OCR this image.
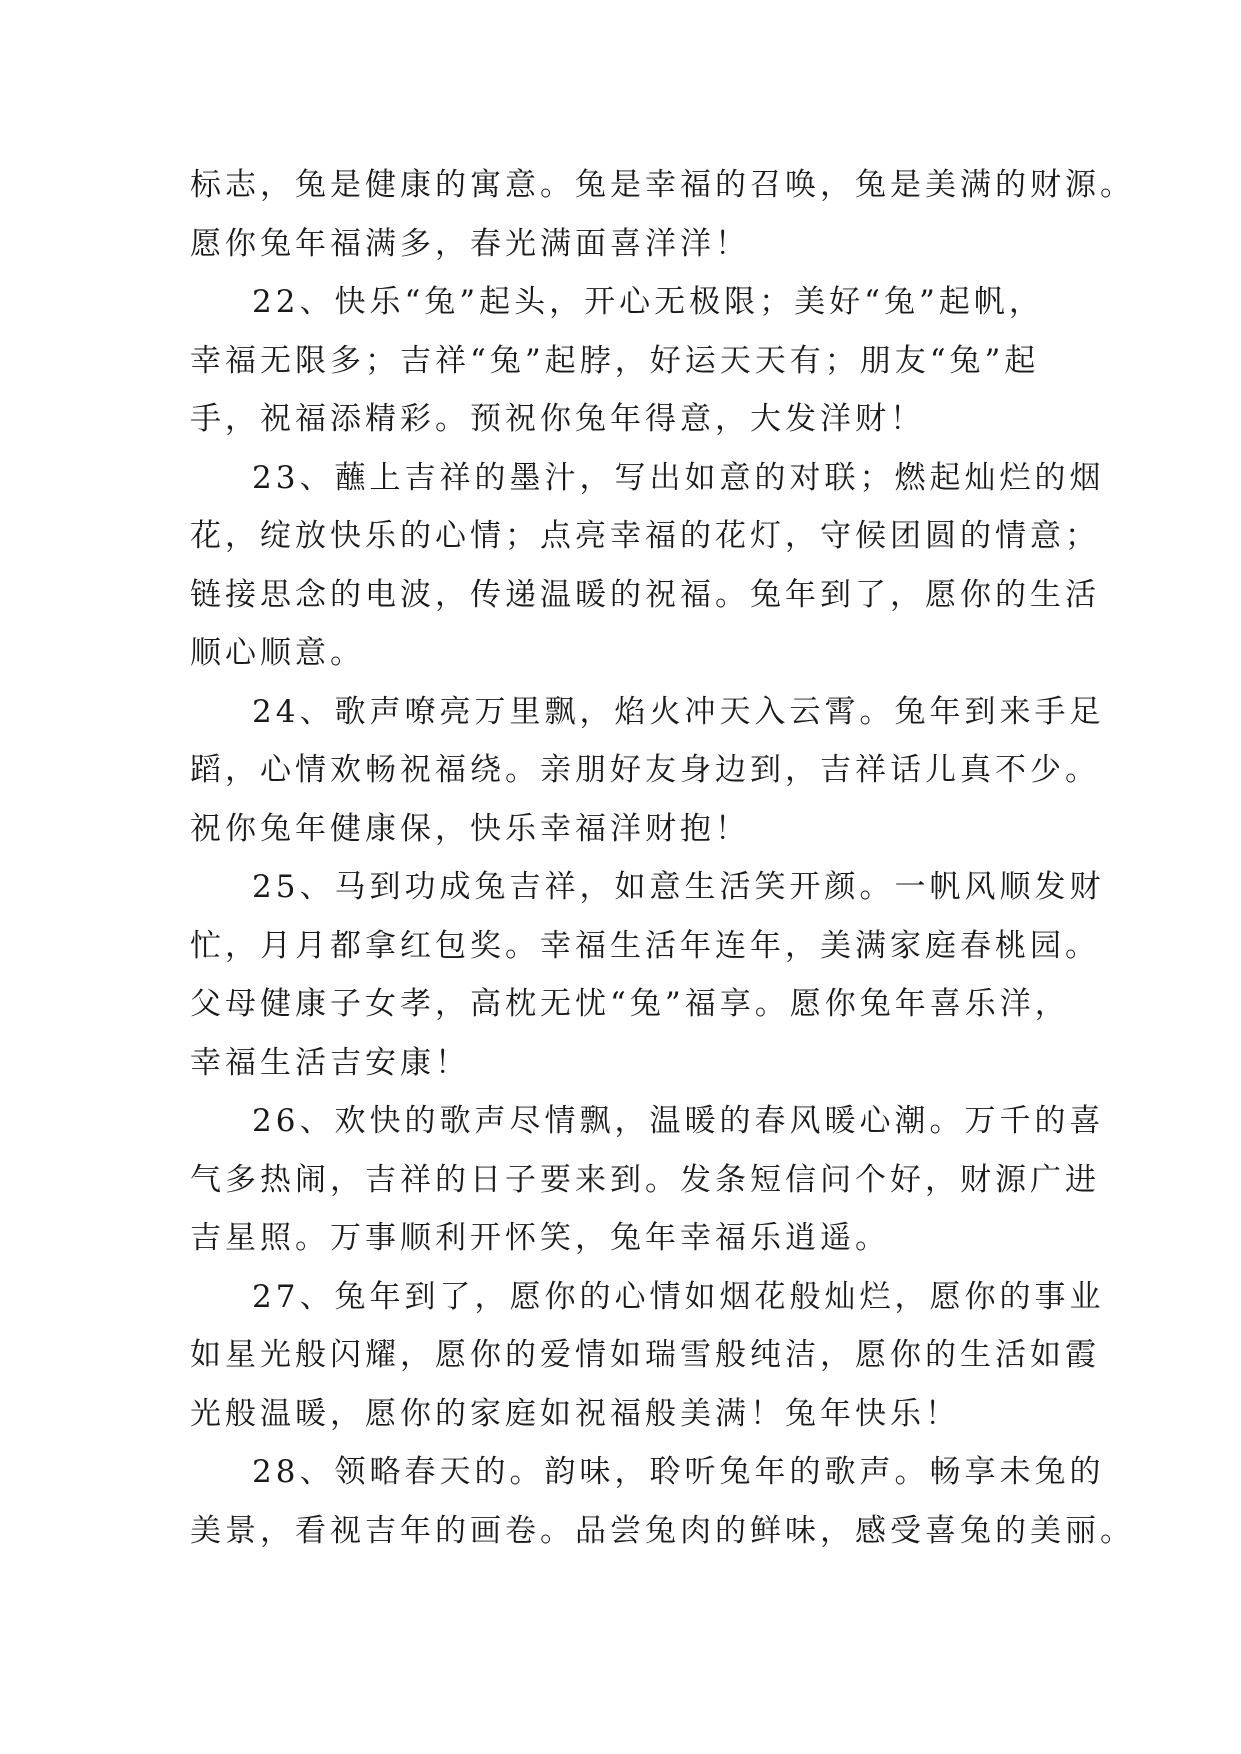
标志，兔是健康的寓意。兔是幸福的召唤，兔是美满的财源。
愿你兔年福满多，春光满面喜洋洋！

22、快乐“兔”起头，开心无极限；美好“兔”起帆，
幸福无限多；吉祥“兔”起脖，好运天天有；朋友“兔”起
手，祝福添精彩。预祝你兔年得意，大发洋财！

23、蘸上吉祥的墨汁，写出如意的对联；燃起灿烂的烟
花，绽放快乐的心情；点亮幸福的花灯，守候团圆的情意；
链接思念的电波，传递温暖的祝福。兔年到了，愿你的生活
顺心顺意。

24、歌声嘹亮万里飘，焰火冲天入云霄。兔年到来手足
蹈，心情欢畅祝福绕。亲朋好友身边到，吉祥话儿真不少。
祝你兔年健康保，快乐幸福洋财抱！

25、马到功成兔吉祥，如意生活笑开颜。一帆风顺发财
忙，月月都拿红包奖。幸福生活年连年，美满家庭春桃园。
父母健康子女孝，高枕无忧“兔”福享。愿你兔年喜乐洋，
幸福生活吉安康！

26、欢快的歌声尽情飘，温暖的春风暖心潮。万千的喜
气多热闹，吉祥的日子要来到。发条短信问个好，财源广进
吉星照。万事顺利开怀笑，兔年幸福乐逍遥。

27、兔年到了，愿你的心情如烟花般灿烂，愿你的事业
如星光般闪耀，愿你的爱情如瑞雪般纯洁，愿你的生活如霞
光般温暖，愿你的家庭如祝福般美满！兔年快乐！

28、领略春天的。韵味，聆听兔年的歌声。畅享未兔的
美景，看视吉年的画卷。品尝兔肉的鲜味，感受喜兔的美丽。
